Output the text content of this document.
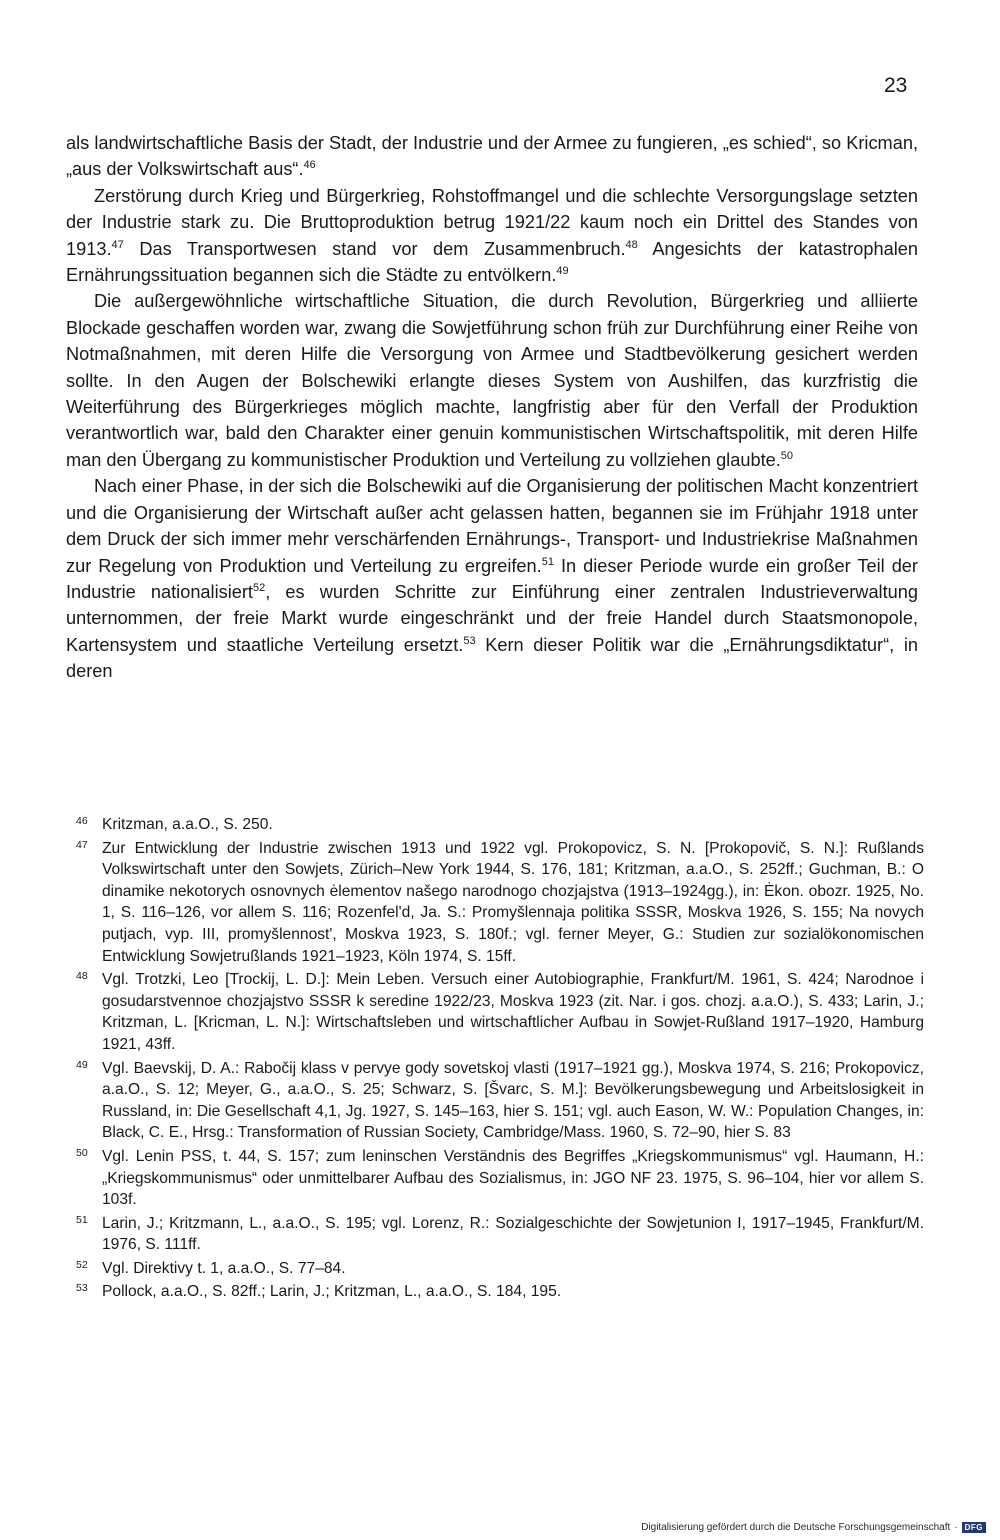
23

als landwirtschaftliche Basis der Stadt, der Industrie und der Armee zu fungieren, „es schied“, so Kricman, „aus der Volkswirtschaft aus“.$^{46}$

Zerstörung durch Krieg und Bürgerkrieg, Rohstoffmangel und die schlechte Versorgungslage setzten der Industrie stark zu. Die Bruttoproduktion betrug 1921/22 kaum noch ein Drittel des Standes von 1913.47 Das Transportwesen stand vor dem Zusammenbruch.$^{48}$ Angesichts der katastrophalen Ernährungssituation begannen sich die Städte zu entvölkern.$^{49}$

Die außergewöhnliche wirtschaftliche Situation, die durch Revolution, Bürgerkrieg und alliierte Blockade geschaffen worden war, zwang die Sowjetführung schon früh zur Durchführung einer Reihe von Notmaßnahmen, mit deren Hilfe die Versorgung von Armee und Stadtbevölkerung gesichert werden sollte. In den Augen der Bolschewiki erlangte dieses System von Aushilfen, das kurzfristig die Weiterführung des Bürgerkrieges möglich machte, langfristig aber für den Verfall der Produktion verantwortlich war, bald den Charakter einer genuin kommunistischen Wirtschaftspolitik, mit deren Hilfe man den Übergang zu kommunistischer Produktion und Verteilung zu vollziehen glaubte.$^{50}$

Nach einer Phase, in der sich die Bolschewiki auf die Organisierung der politischen Macht konzentriert und die Organisierung der Wirtschaft außer acht gelassen hatten, begannen sie im Frühjahr 1918 unter dem Druck der sich immer mehr verschärfenden Ernährungs-, Transport- und Industriekrise Maßnahmen zur Regelung von Produktion und Verteilung zu ergreifen.$^{51}$ In dieser Periode wurde ein großer Teil der Industrie nationalisiert$^{52}$, es wurden Schritte zur Einführung einer zentralen Industrieverwaltung unternommen, der freie Markt wurde eingeschränkt und der freie Handel durch Staatsmonopole, Kartensystem und staatliche Verteilung ersetzt.$^{53}$ Kern dieser Politik war die „Ernährungsdiktatur“, in deren

46 Kritzman, a.a.O., S. 250.
47 Zur Entwicklung der Industrie zwischen 1913 und 1922 vgl. Prokopovicz, S. N. [Prokopovič, S. N.]: Rußlands Volkswirtschaft unter den Sowjets, Zürich–New York 1944, S. 176, 181; Kritzman, a.a.O., S. 252ff.; Guchman, B.: O dinamike nekotorych osnovnych ėlementov našego narodnogo chozjajstva (1913–1924gg.), in: Ėkon. obozr. 1925, No. 1, S. 116–126, vor allem S. 116; Rozenfel'd, Ja. S.: Promyšlennaja politika SSSR, Moskva 1926, S. 155; Na novych putjach, vyp. III, promyšlennost', Moskva 1923, S. 180f.; vgl. ferner Meyer, G.: Studien zur sozialökonomischen Entwicklung Sowjetrußlands 1921–1923, Köln 1974, S. 15ff.
48 Vgl. Trotzki, Leo [Trockij, L. D.]: Mein Leben. Versuch einer Autobiographie, Frankfurt/M. 1961, S. 424; Narodnoe i gosudarstvennoe chozjajstvo SSSR k seredine 1922/23, Moskva 1923 (zit. Nar. i gos. chozj. a.a.O.), S. 433; Larin, J.; Kritzman, L. [Kricman, L. N.]: Wirtschaftsleben und wirtschaftlicher Aufbau in Sowjet-Rußland 1917–1920, Hamburg 1921, 43ff.
49 Vgl. Baevskij, D. A.: Rabočij klass v pervye gody sovetskoj vlasti (1917–1921 gg.), Moskva 1974, S. 216; Prokopovicz, a.a.O., S. 12; Meyer, G., a.a.O., S. 25; Schwarz, S. [Švarc, S. M.]: Bevölkerungsbewegung und Arbeitslosigkeit in Russland, in: Die Gesellschaft 4,1, Jg. 1927, S. 145–163, hier S. 151; vgl. auch Eason, W. W.: Population Changes, in: Black, C. E., Hrsg.: Transformation of Russian Society, Cambridge/Mass. 1960, S. 72–90, hier S. 83
50 Vgl. Lenin PSS, t. 44, S. 157; zum leninschen Verständnis des Begriffes „Kriegskommunismus“ vgl. Haumann, H.: „Kriegskommunismus“ oder unmittelbarer Aufbau des Sozialismus, in: JGO NF 23. 1975, S. 96–104, hier vor allem S. 103f.
51 Larin, J.; Kritzmann, L., a.a.O., S. 195; vgl. Lorenz, R.: Sozialgeschichte der Sowjetunion I, 1917–1945, Frankfurt/M. 1976, S. 111ff.
52 Vgl. Direktivy t. 1, a.a.O., S. 77–84.
53 Pollock, a.a.O., S. 82ff.; Larin, J.; Kritzman, L., a.a.O., S. 184, 195.
Digitalisierung gefördert durch die Deutsche Forschungsgemeinschaft · DFG
